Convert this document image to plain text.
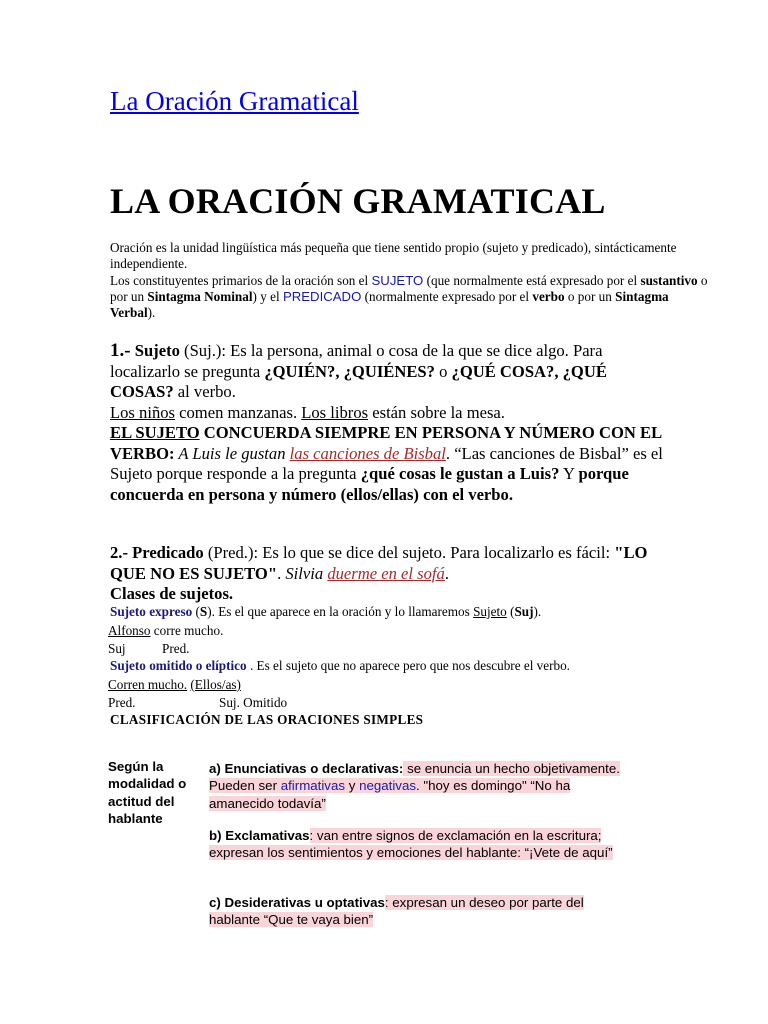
La Oración Gramatical
LA ORACIÓN GRAMATICAL
Oración es la unidad lingüística más pequeña que tiene sentido propio (sujeto y predicado), sintácticamente independiente.
Los constituyentes primarios de la oración son el SUJETO (que normalmente está expresado por el sustantivo o por un Sintagma Nominal) y el PREDICADO (normalmente expresado por el verbo o por un Sintagma Verbal).
1.- Sujeto (Suj.): Es la persona, animal o cosa de la que se dice algo. Para localizarlo se pregunta ¿QUIÉN?, ¿QUIÉNES? o ¿QUÉ COSA?, ¿QUÉ COSAS? al verbo.
Los niños comen manzanas. Los libros están sobre la mesa.
EL SUJETO CONCUERDA SIEMPRE EN PERSONA Y NÚMERO CON EL VERBO: A Luis le gustan las canciones de Bisbal. “Las canciones de Bisbal” es el Sujeto porque responde a la pregunta ¿qué cosas le gustan a Luis? Y porque concuerda en persona y número (ellos/ellas) con el verbo.
2.- Predicado (Pred.): Es lo que se dice del sujeto. Para localizarlo es fácil: "LO QUE NO ES SUJETO". Silvia duerme en el sofá.
Clases de sujetos.
Sujeto expreso (S). Es el que aparece en la oración y lo llamaremos Sujeto (Suj).
Alfonso corre mucho.
Suj	Pred.
Sujeto omitido o elíptico . Es el sujeto que no aparece pero que nos descubre el verbo.
Corren mucho. (Ellos/as)
Pred.	Suj. Omitido
CLASIFICACIÓN DE LAS ORACIONES SIMPLES
Según la modalidad o actitud del hablante
a) Enunciativas o declarativas: se enuncia un hecho objetivamente. Pueden ser afirmativas y negativas. "hoy es domingo" “No ha amanecido todavía”
b) Exclamativas: van entre signos de exclamación en la escritura; expresan los sentimientos y emociones del hablante: “¡Vete de aquí”
c) Desiderativas u optativas: expresan un deseo por parte del hablante “Que te vaya bien”
